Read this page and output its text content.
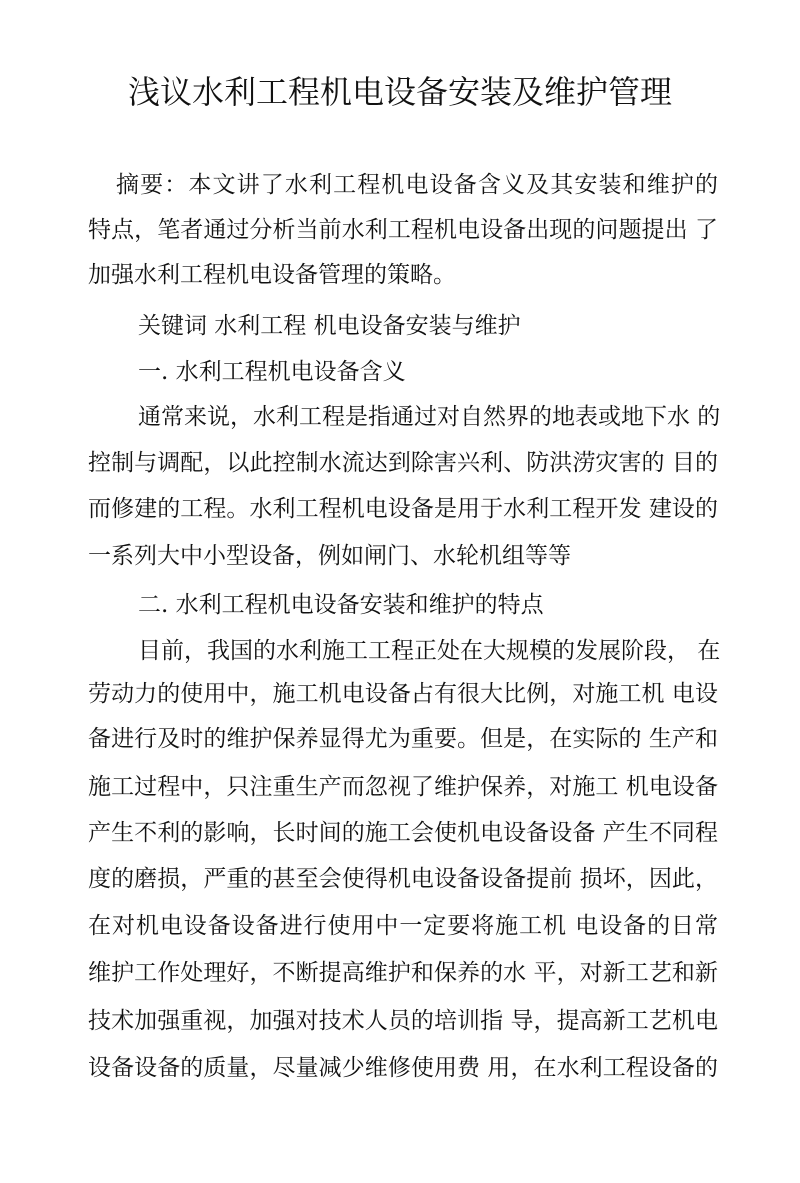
浅议水利工程机电设备安装及维护管理
摘要：本文讲了水利工程机电设备含义及其安装和维护的
特点，笔者通过分析当前水利工程机电设备出现的问题提出 了
加强水利工程机电设备管理的策略。
关键词 水利工程 机电设备安装与维护
一. 水利工程机电设备含义
通常来说，水利工程是指通过对自然界的地表或地下水 的
控制与调配，以此控制水流达到除害兴利、防洪涝灾害的 目的
而修建的工程。水利工程机电设备是用于水利工程开发 建设的
一系列大中小型设备，例如闸门、水轮机组等等
二. 水利工程机电设备安装和维护的特点
目前，我国的水利施工工程正处在大规模的发展阶段， 在
劳动力的使用中，施工机电设备占有很大比例，对施工机 电设
备进行及时的维护保养显得尤为重要。但是，在实际的 生产和
施工过程中，只注重生产而忽视了维护保养，对施工 机电设备
产生不利的影响，长时间的施工会使机电设备设备 产生不同程
度的磨损，严重的甚至会使得机电设备设备提前 损坏，因此，
在对机电设备设备进行使用中一定要将施工机 电设备的日常
维护工作处理好，不断提高维护和保养的水 平，对新工艺和新
技术加强重视，加强对技术人员的培训指 导，提高新工艺机电
设备设备的质量，尽量减少维修使用费 用，在水利工程设备的
